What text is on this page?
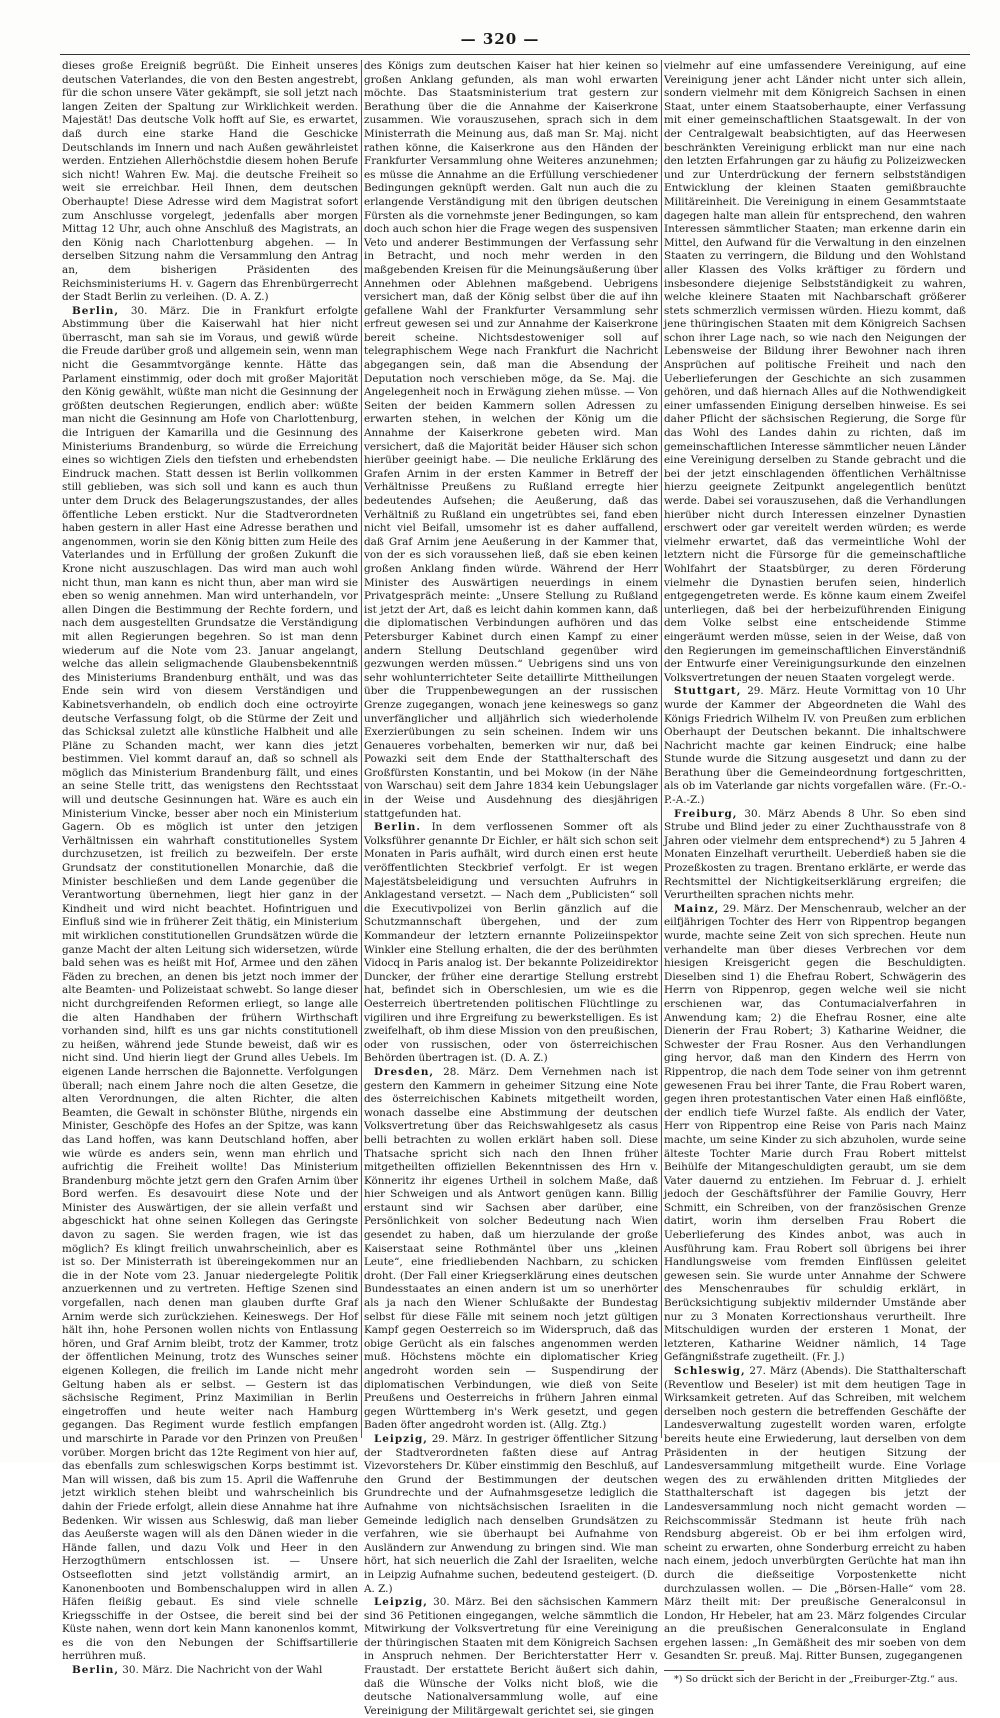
— 320 —

dieses große Ereigniß begrüßt. Die Einheit unseres deutschen Vaterlandes, die von den Besten angestrebt, für die schon unsere Väter gekämpft, sie soll jetzt nach langen Zeiten der Spaltung zur Wirklichkeit werden. Majestät! Das deutsche Volk hofft auf Sie, es erwartet, daß durch eine starke Hand die Geschicke Deutschlands im Innern und nach Außen gewährleistet werden. Entziehen Allerhöchstdie diesem hohen Berufe sich nicht! Wahren Ew. Maj. die deutsche Freiheit so weit sie erreichbar. Heil Ihnen, dem deutschen Oberhaupte! Diese Adresse wird dem Magistrat sofort zum Anschlusse vorgelegt, jedenfalls aber morgen Mittag 12 Uhr, auch ohne Anschluß des Magistrats, an den König nach Charlottenburg abgehen. — In derselben Sitzung nahm die Versammlung den Antrag an, dem bisherigen Präsidenten des Reichsministeriums H. v. Gagern das Ehrenbürgerrecht der Stadt Berlin zu verleihen. (D. A. Z.)

Berlin, 30. März. Die in Frankfurt erfolgte Abstimmung über die Kaiserwahl hat hier nicht überrascht, man sah sie im Voraus, und gewiß würde die Freude darüber groß und allgemein sein, wenn man nicht die Gesammtvorgänge kennte. Hätte das Parlament einstimmig, oder doch mit großer Majorität den König gewählt, wüßte man nicht die Gesinnung der größten deutschen Regierungen, endlich aber: wüßte man nicht die Gesinnung am Hofe von Charlottenburg, die Intriguen der Kamarilla und die Gesinnung des Ministeriums Brandenburg, so würde die Erreichung eines so wichtigen Ziels den tiefsten und erhebendsten Eindruck machen. Statt dessen ist Berlin vollkommen still geblieben, was sich soll und kann es auch thun unter dem Druck des Belagerungszustandes, der alles öffentliche Leben erstickt. Nur die Stadtverordneten haben gestern in aller Hast eine Adresse berathen und angenommen, worin sie den König bitten zum Heile des Vaterlandes und in Erfüllung der großen Zukunft die Krone nicht auszuschlagen. Das wird man auch wohl nicht thun, man kann es nicht thun, aber man wird sie eben so wenig annehmen. Man wird unterhandeln, vor allen Dingen die Bestimmung der Rechte fordern, und nach dem ausgestellten Grundsatze die Verständigung mit allen Regierungen begehren. So ist man denn wiederum auf die Note vom 23. Januar angelangt, welche das allein seligmachende Glaubensbekenntniß des Ministeriums Brandenburg enthält, und was das Ende sein wird von diesem Verständigen und Kabinetsverhandeln, ob endlich doch eine octroyirte deutsche Verfassung folgt, ob die Stürme der Zeit und das Schicksal zuletzt alle künstliche Halbheit und alle Pläne zu Schanden macht, wer kann dies jetzt bestimmen. Viel kommt darauf an, daß so schnell als möglich das Ministerium Brandenburg fällt, und eines an seine Stelle tritt, das wenigstens den Rechtsstaat will und deutsche Gesinnungen hat. Wäre es auch ein Ministerium Vincke, besser aber noch ein Ministerium Gagern. Ob es möglich ist unter den jetzigen Verhältnissen ein wahrhaft constitutionelles System durchzusetzen, ist freilich zu bezweifeln. Der erste Grundsatz der constitutionellen Monarchie, daß die Minister beschließen und dem Lande gegenüber die Verantwortung übernehmen, liegt hier ganz in der Kindheit und wird nicht beachtet. Hofintriguen und Einfluß sind wie in früherer Zeit thätig, ein Ministerium mit wirklichen constitutionellen Grundsätzen würde die ganze Macht der alten Leitung sich widersetzen, würde bald sehen was es heißt mit Hof, Armee und den zähen Fäden zu brechen, an denen bis jetzt noch immer der alte Beamten- und Polizeistaat schwebt. So lange dieser nicht durchgreifenden Reformen erliegt, so lange alle die alten Handhaben der frühern Wirthschaft vorhanden sind, hilft es uns gar nichts constitutionell zu heißen, während jede Stunde beweist, daß wir es nicht sind. Und hierin liegt der Grund alles Uebels. Im eigenen Lande herrschen die Bajonnette. Verfolgungen überall; nach einem Jahre noch die alten Gesetze, die alten Verordnungen, die alten Richter, die alten Beamten, die Gewalt in schönster Blüthe, nirgends ein Minister, Geschöpfe des Hofes an der Spitze, was kann das Land hoffen, was kann Deutschland hoffen, aber wie würde es anders sein, wenn man ehrlich und aufrichtig die Freiheit wollte! Das Ministerium Brandenburg möchte jetzt gern den Grafen Arnim über Bord werfen. Es desavouirt diese Note und der Minister des Auswärtigen, der sie allein verfaßt und abgeschickt hat ohne seinen Kollegen das Geringste davon zu sagen. Sie werden fragen, wie ist das möglich? Es klingt freilich unwahrscheinlich, aber es ist so. Der Ministerrath ist übereingekommen nur an die in der Note vom 23. Januar niedergelegte Politik anzuerkennen und zu vertreten. Heftige Szenen sind vorgefallen, nach denen man glauben durfte Graf Arnim werde sich zurückziehen. Keineswegs. Der Hof hält ihn, hohe Personen wollen nichts von Entlassung hören, und Graf Arnim bleibt, trotz der Kammer, trotz der öffentlichen Meinung, trotz des Wunsches seiner eigenen Kollegen, die freilich im Lande nicht mehr Geltung haben als er selbst. — Gestern ist das sächsische Regiment, Prinz Maximilian in Berlin eingetroffen und heute weiter nach Hamburg gegangen. Das Regiment wurde festlich empfangen und marschirte in Parade vor den Prinzen von Preußen vorüber. Morgen bricht das 12te Regiment von hier auf, das ebenfalls zum schleswigschen Korps bestimmt ist. Man will wissen, daß bis zum 15. April die Waffenruhe jetzt wirklich stehen bleibt und wahrscheinlich bis dahin der Friede erfolgt, allein diese Annahme hat ihre Bedenken. Wir wissen aus Schleswig, daß man lieber das Aeußerste wagen will als den Dänen wieder in die Hände fallen, und dazu Volk und Heer in den Herzogthümern entschlossen ist. — Unsere Ostseeflotten sind jetzt vollständig armirt, an Kanonenbooten und Bombenschaluppen wird in allen Häfen fleißig gebaut. Es sind viele schnelle Kriegsschiffe in der Ostsee, die bereit sind bei der Küste nahen, wenn dort kein Mann kanonenlos kommt, es die von den Nebungen der Schiffsartillerie herrühren muß.

Berlin, 30. März. Die Nachricht von der Wahl

des Königs zum deutschen Kaiser hat hier keinen so großen Anklang gefunden, als man wohl erwarten möchte. Das Staatsministerium trat gestern zur Berathung über die die Annahme der Kaiserkrone zusammen. Wie vorauszusehen, sprach sich in dem Ministerrath die Meinung aus, daß man Sr. Maj. nicht rathen könne, die Kaiserkrone aus den Händen der Frankfurter Versammlung ohne Weiteres anzunehmen; es müsse die Annahme an die Erfüllung verschiedener Bedingungen geknüpft werden. Galt nun auch die zu erlangende Verständigung mit den übrigen deutschen Fürsten als die vornehmste jener Bedingungen, so kam doch auch schon hier die Frage wegen des suspensiven Veto und anderer Bestimmungen der Verfassung sehr in Betracht, und noch mehr werden in den maßgebenden Kreisen für die Meinungsäußerung über Annehmen oder Ablehnen maßgebend. Uebrigens versichert man, daß der König selbst über die auf ihn gefallene Wahl der Frankfurter Versammlung sehr erfreut gewesen sei und zur Annahme der Kaiserkrone bereit scheine. Nichtsdestoweniger soll auf telegraphischem Wege nach Frankfurt die Nachricht abgegangen sein, daß man die Absendung der Deputation noch verschieben möge, da Se. Maj. die Angelegenheit noch in Erwägung ziehen müsse. — Von Seiten der beiden Kammern sollen Adressen zu erwarten stehen, in welchen der König um die Annahme der Kaiserkrone gebeten wird. Man versichert, daß die Majorität beider Häuser sich schon hierüber geeinigt habe. — Die neuliche Erklärung des Grafen Arnim in der ersten Kammer in Betreff der Verhältnisse Preußens zu Rußland erregte hier bedeutendes Aufsehen; die Aeußerung, daß das Verhältniß zu Rußland ein ungetrübtes sei, fand eben nicht viel Beifall, umsomehr ist es daher auffallend, daß Graf Arnim jene Aeußerung in der Kammer that, von der es sich voraussehen ließ, daß sie eben keinen großen Anklang finden würde. Während der Herr Minister des Auswärtigen neuerdings in einem Privatgespräch meinte: „Unsere Stellung zu Rußland ist jetzt der Art, daß es leicht dahin kommen kann, daß die diplomatischen Verbindungen aufhören und das Petersburger Kabinet durch einen Kampf zu einer andern Stellung Deutschland gegenüber wird gezwungen werden müssen.“ Uebrigens sind uns von sehr wohlunterrichteter Seite detaillirte Mittheilungen über die Truppenbewegungen an der russischen Grenze zugegangen, wonach jene keineswegs so ganz unverfänglicher und alljährlich sich wiederholende Exerzierübungen zu sein scheinen. Indem wir uns Genaueres vorbehalten, bemerken wir nur, daß bei Powazki seit dem Ende der Statthalterschaft des Großfürsten Konstantin, und bei Mokow (in der Nähe von Warschau) seit dem Jahre 1834 kein Uebungslager in der Weise und Ausdehnung des diesjährigen stattgefunden hat.

Berlin. In dem verflossenen Sommer oft als Volksführer genannte Dr Eichler, er hält sich schon seit Monaten in Paris aufhält, wird durch einen erst heute veröffentlichten Steckbrief verfolgt. Er ist wegen Majestätsbeleidigung und versuchten Aufruhrs in Anklagestand versetzt. — Nach dem „Publicisten“ soll die Executivpolizei von Berlin gänzlich auf die Schutzmannschaft übergehen, und der zum Kommandeur der letztern ernannte Polizeiinspektor Winkler eine Stellung erhalten, die der des berühmten Vidocq in Paris analog ist. Der bekannte Polizeidirektor Duncker, der früher eine derartige Stellung erstrebt hat, befindet sich in Oberschlesien, um wie es die Oesterreich übertretenden politischen Flüchtlinge zu vigiliren und ihre Ergreifung zu bewerkstelligen. Es ist zweifelhaft, ob ihm diese Mission von den preußischen, oder von russischen, oder von österreichischen Behörden übertragen ist. (D. A. Z.)

Dresden, 28. März. Dem Vernehmen nach ist gestern den Kammern in geheimer Sitzung eine Note des österreichischen Kabinets mitgetheilt worden, wonach dasselbe eine Abstimmung der deutschen Volksvertretung über das Reichswahlgesetz als casus belli betrachten zu wollen erklärt haben soll. Diese Thatsache spricht sich nach den Ihnen früher mitgetheilten offiziellen Bekenntnissen des Hrn v. Könneritz ihr eigenes Urtheil in solchem Maße, daß hier Schweigen und als Antwort genügen kann. Billig erstaunt sind wir Sachsen aber darüber, eine Persönlichkeit von solcher Bedeutung nach Wien gesendet zu haben, daß um hierzulande der große Kaiserstaat seine Rothmäntel über uns „kleinen Leute“, eine friedliebenden Nachbarn, zu schicken droht. (Der Fall einer Kriegserklärung eines deutschen Bundesstaates an einen andern ist um so unerhörter als ja nach den Wiener Schlußakte der Bundestag selbst für diese Fälle mit seinem noch jetzt gültigen Kampf gegen Oesterreich so im Widerspruch, daß das obige Gerücht als ein falsches angenommen werden muß. Höchstens möchte ein diplomatischer Krieg angedroht worden sein — Suspendirung der diplomatischen Verbindungen, wie dieß von Seite Preußens und Oesterreichs in frühern Jahren einmal gegen Württemberg in's Werk gesetzt, und gegen Baden öfter angedroht worden ist. (Allg. Ztg.)

Leipzig, 29. März. In gestriger öffentlicher Sitzung der Stadtverordneten faßten diese auf Antrag Vizevorstehers Dr. Küber einstimmig den Beschluß, auf den Grund der Bestimmungen der deutschen Grundrechte und der Aufnahmsgesetze lediglich die Aufnahme von nichtsächsischen Israeliten in die Gemeinde lediglich nach denselben Grundsätzen zu verfahren, wie sie überhaupt bei Aufnahme von Ausländern zur Anwendung zu bringen sind. Wie man hört, hat sich neuerlich die Zahl der Israeliten, welche in Leipzig Aufnahme suchen, bedeutend gesteigert. (D. A. Z.)

Leipzig, 30. März. Bei den sächsischen Kammern sind 36 Petitionen eingegangen, welche sämmtlich die Mitwirkung der Volksvertretung für eine Vereinigung der thüringischen Staaten mit dem Königreich Sachsen in Anspruch nehmen. Der Berichterstatter Herr v. Fraustadt. Der erstattete Bericht äußert sich dahin, daß die Wünsche der Volks nicht bloß, wie die deutsche Nationalversammlung wolle, auf eine Vereinigung der Militärgewalt gerichtet sei, sie gingen

vielmehr auf eine umfassendere Vereinigung, auf eine Vereinigung jener acht Länder nicht unter sich allein, sondern vielmehr mit dem Königreich Sachsen in einen Staat, unter einem Staatsoberhaupte, einer Verfassung mit einer gemeinschaftlichen Staatsgewalt. In der von der Centralgewalt beabsichtigten, auf das Heerwesen beschränkten Vereinigung erblickt man nur eine nach den letzten Erfahrungen gar zu häufig zu Polizeizwecken und zur Unterdrückung der fernern selbstständigen Entwicklung der kleinen Staaten gemißbrauchte Militäreinheit. Die Vereinigung in einem Gesammtstaate dagegen halte man allein für entsprechend, den wahren Interessen sämmtlicher Staaten; man erkenne darin ein Mittel, den Aufwand für die Verwaltung in den einzelnen Staaten zu verringern, die Bildung und den Wohlstand aller Klassen des Volks kräftiger zu fördern und insbesondere diejenige Selbstständigkeit zu wahren, welche kleinere Staaten mit Nachbarschaft größerer stets schmerzlich vermissen würden. Hiezu kommt, daß jene thüringischen Staaten mit dem Königreich Sachsen schon ihrer Lage nach, so wie nach den Neigungen der Lebensweise der Bildung ihrer Bewohner nach ihren Ansprüchen auf politische Freiheit und nach den Ueberlieferungen der Geschichte an sich zusammen gehören, und daß hiernach Alles auf die Nothwendigkeit einer umfassenden Einigung derselben hinweise. Es sei daher Pflicht der sächsischen Regierung, die Sorge für das Wohl des Landes dahin zu richten, daß im gemeinschaftlichen Interesse sämmtlicher neuen Länder eine Vereinigung derselben zu Stande gebracht und die bei der jetzt einschlagenden öffentlichen Verhältnisse hierzu geeignete Zeitpunkt angelegentlich benützt werde. Dabei sei vorauszusehen, daß die Verhandlungen hierüber nicht durch Interessen einzelner Dynastien erschwert oder gar vereitelt werden würden; es werde vielmehr erwartet, daß das vermeintliche Wohl der letztern nicht die Fürsorge für die gemeinschaftliche Wohlfahrt der Staatsbürger, zu deren Förderung vielmehr die Dynastien berufen seien, hinderlich entgegengetreten werde. Es könne kaum einem Zweifel unterliegen, daß bei der herbeizuführenden Einigung dem Volke selbst eine entscheidende Stimme eingeräumt werden müsse, seien in der Weise, daß von den Regierungen im gemeinschaftlichen Einverständniß der Entwurfe einer Vereinigungsurkunde den einzelnen Volksvertretungen der neuen Staaten vorgelegt werde.

Stuttgart, 29. März. Heute Vormittag von 10 Uhr wurde der Kammer der Abgeordneten die Wahl des Königs Friedrich Wilhelm IV. von Preußen zum erblichen Oberhaupt der Deutschen bekannt. Die inhaltschwere Nachricht machte gar keinen Eindruck; eine halbe Stunde wurde die Sitzung ausgesetzt und dann zu der Berathung über die Gemeindeordnung fortgeschritten, als ob im Vaterlande gar nichts vorgefallen wäre. (Fr.-O.-P.-A.-Z.)

Freiburg, 30. März Abends 8 Uhr. So eben sind Strube und Blind jeder zu einer Zuchthausstrafe von 8 Jahren oder vielmehr dem entsprechend*) zu 5 Jahren 4 Monaten Einzelhaft verurtheilt. Ueberdieß haben sie die Prozeßkosten zu tragen. Brentano erklärte, er werde das Rechtsmittel der Nichtigkeitserklärung ergreifen; die Verurtheilten sprachen nichts mehr.

Mainz, 29. März. Der Menschenraub, welcher an der eilfjährigen Tochter des Herr von Rippentrop begangen wurde, machte seine Zeit von sich sprechen. Heute nun verhandelte man über dieses Verbrechen vor dem hiesigen Kreisgericht gegen die Beschuldigten. Dieselben sind 1) die Ehefrau Robert, Schwägerin des Herrn von Rippenrop, gegen welche weil sie nicht erschienen war, das Contumacialverfahren in Anwendung kam; 2) die Ehefrau Rosner, eine alte Dienerin der Frau Robert; 3) Katharine Weidner, die Schwester der Frau Rosner. Aus den Verhandlungen ging hervor, daß man den Kindern des Herrn von Rippentrop, die nach dem Tode seiner von ihm getrennt gewesenen Frau bei ihrer Tante, die Frau Robert waren, gegen ihren protestantischen Vater einen Haß einflößte, der endlich tiefe Wurzel faßte. Als endlich der Vater, Herr von Rippentrop eine Reise von Paris nach Mainz machte, um seine Kinder zu sich abzuholen, wurde seine älteste Tochter Marie durch Frau Robert mittelst Beihülfe der Mitangeschuldigten geraubt, um sie dem Vater dauernd zu entziehen. Im Februar d. J. erhielt jedoch der Geschäftsführer der Familie Gouvry, Herr Schmitt, ein Schreiben, von der französischen Grenze datirt, worin ihm derselben Frau Robert die Ueberlieferung des Kindes anbot, was auch in Ausführung kam. Frau Robert soll übrigens bei ihrer Handlungsweise vom fremden Einflüssen geleitet gewesen sein. Sie wurde unter Annahme der Schwere des Menschenraubes für schuldig erklärt, in Berücksichtigung subjektiv mildernder Umstände aber nur zu 3 Monaten Korrectionshaus verurtheilt. Ihre Mitschuldigen wurden der ersteren 1 Monat, der letzteren, Katharine Weidner nämlich, 14 Tage Gefängnißstrafe zugetheilt. (Fr. J.)

Schleswig, 27. März (Abends). Die Statthalterschaft (Reventlow und Beseler) ist mit dem heutigen Tage in Wirksamkeit getreten. Auf das Schreiben, mit welchem derselben noch gestern die betreffenden Geschäfte der Landesverwaltung zugestellt worden waren, erfolgte bereits heute eine Erwiederung, laut derselben von dem Präsidenten in der heutigen Sitzung der Landesversammlung mitgetheilt wurde. Eine Vorlage wegen des zu erwählenden dritten Mitgliedes der Statthalterschaft ist dagegen bis jetzt der Landesversammlung noch nicht gemacht worden — Reichscommissär Stedmann ist heute früh nach Rendsburg abgereist. Ob er bei ihm erfolgen wird, scheint zu erwarten, ohne Sonderburg erreicht zu haben nach einem, jedoch unverbürgten Gerüchte hat man ihn durch die dießseitige Vorpostenkette nicht durchzulassen wollen. — Die „Börsen-Halle“ vom 28. März theilt mit: Der preußische Generalconsul in London, Hr Hebeler, hat am 23. März folgendes Circular an die preußischen Generalconsulate in England ergehen lassen: „In Gemäßheit des mir soeben von dem Gesandten Sr. preuß. Maj. Ritter Bunsen, zugegangenen

*) So drückt sich der Bericht in der „Freiburger-Ztg.“ aus.
